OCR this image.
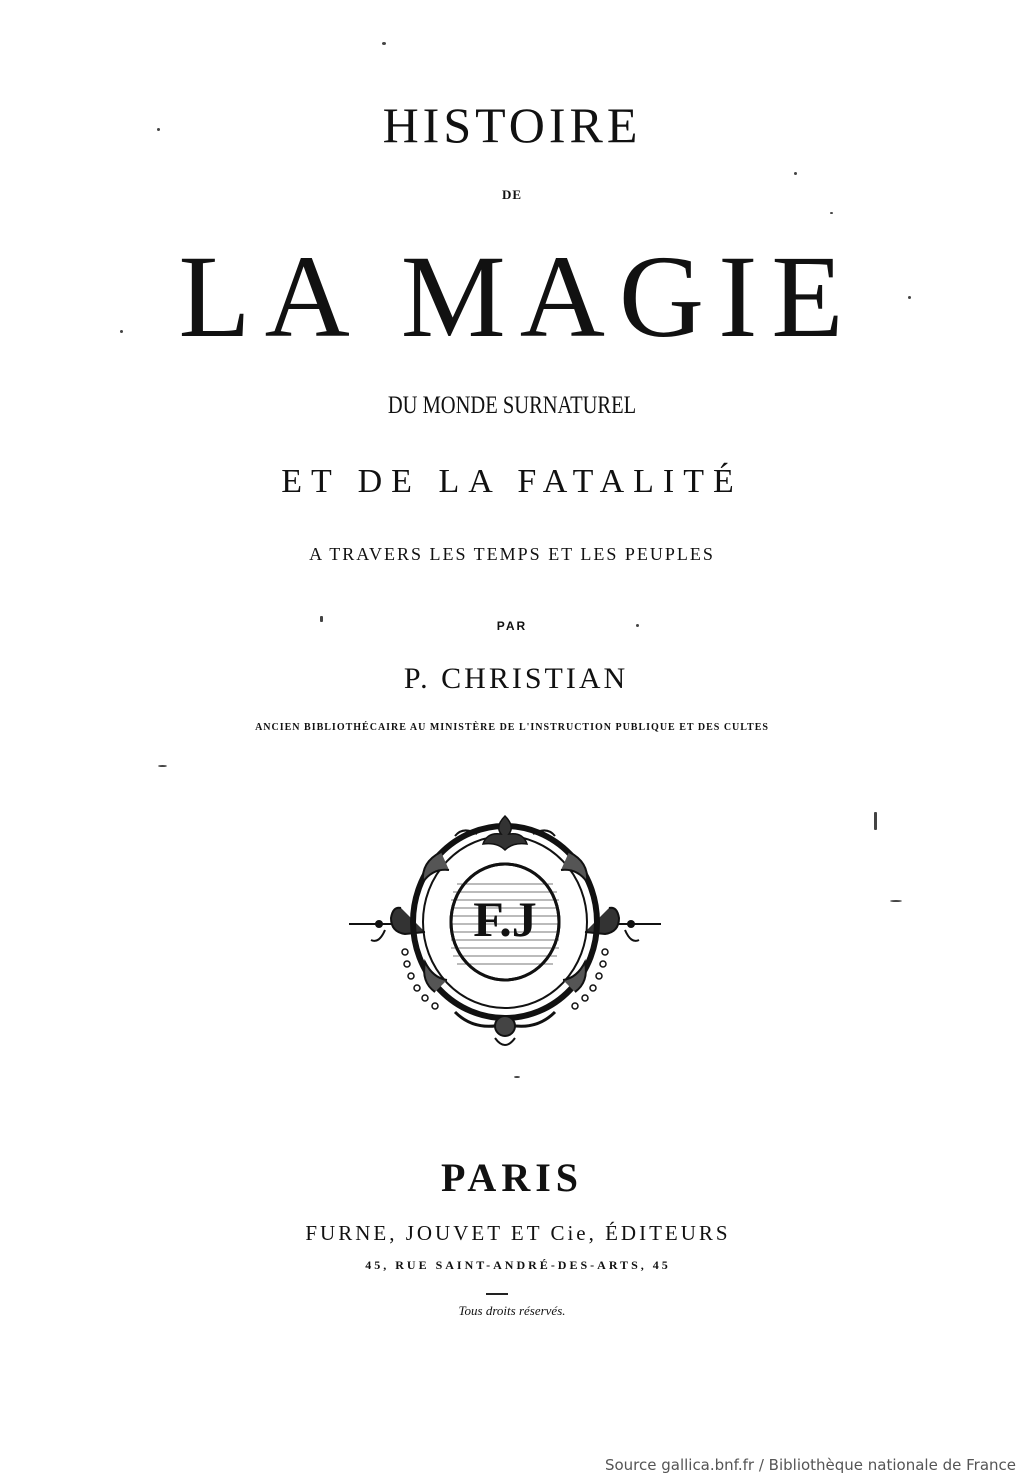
HISTOIRE
DE
LA MAGIE
DU MONDE SURNATUREL
ET DE LA FATALITÉ
A TRAVERS LES TEMPS ET LES PEUPLES
PAR
P. CHRISTIAN
ANCIEN BIBLIOTHÉCAIRE AU MINISTÈRE DE L'INSTRUCTION PUBLIQUE ET DES CULTES
F.J
PARIS
FURNE, JOUVET ET Cie, ÉDITEURS
45, RUE SAINT-ANDRÉ-DES-ARTS, 45
Tous droits réservés.
Source gallica.bnf.fr / Bibliothèque nationale de France
